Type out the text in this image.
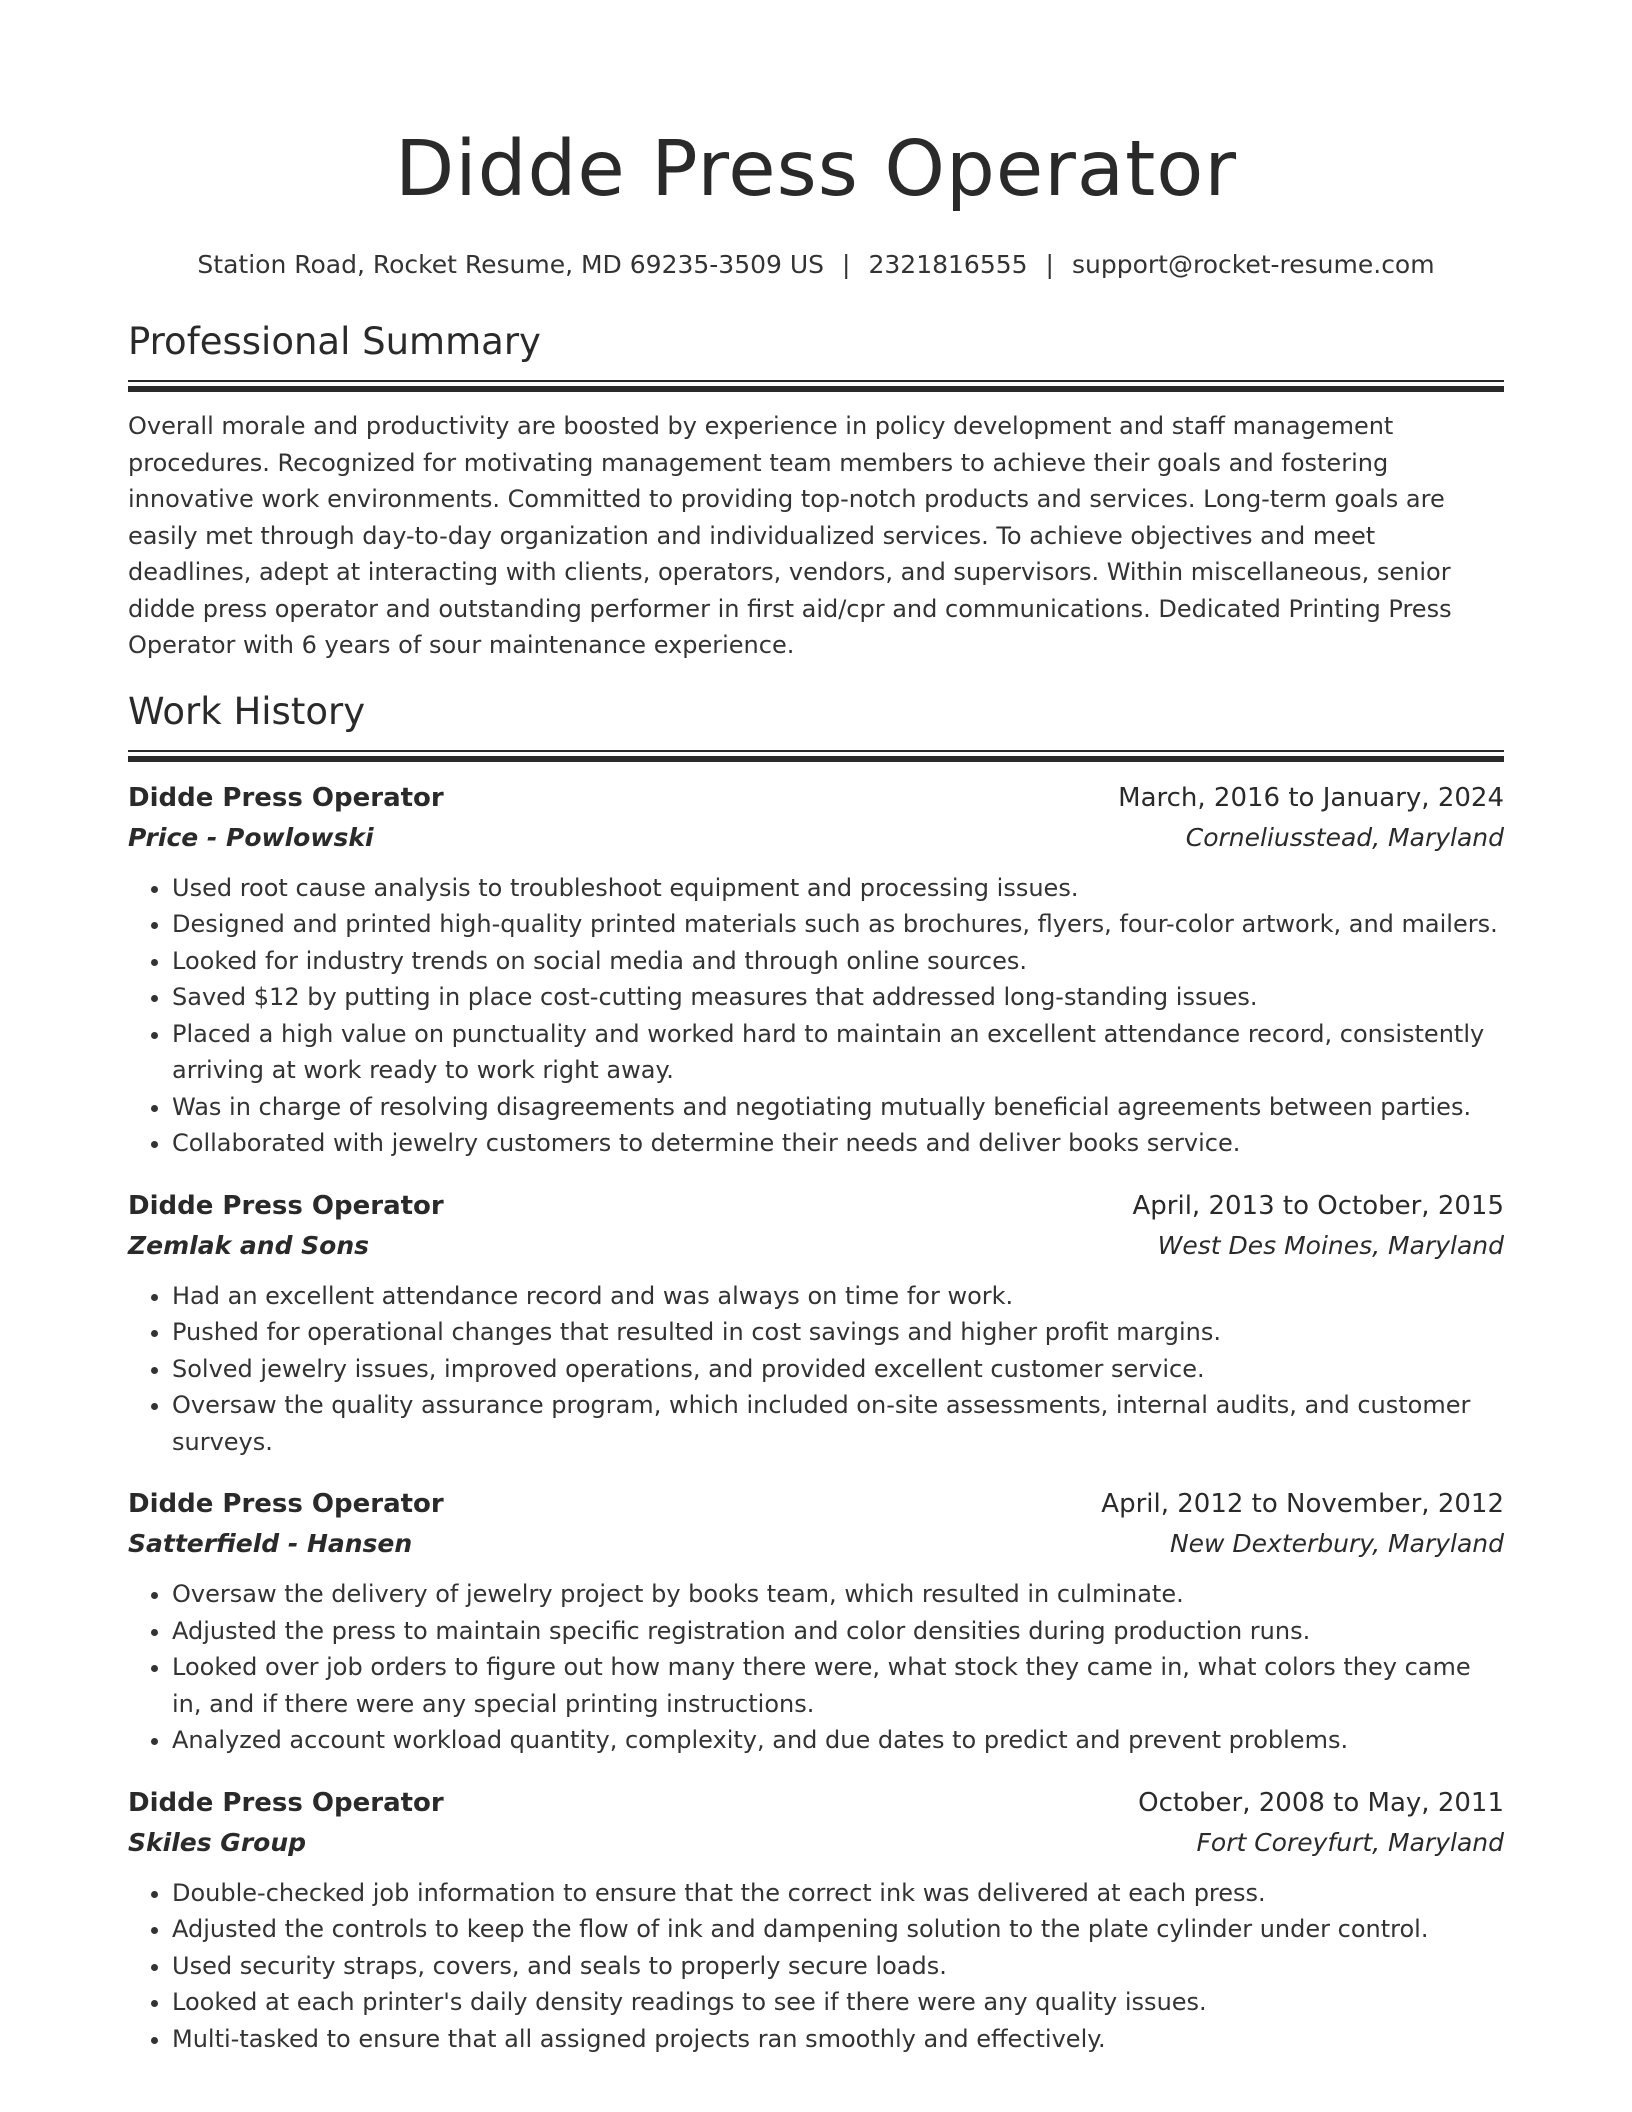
Didde Press Operator
Station Road, Rocket Resume, MD 69235-3509 US | 2321816555 | support@rocket-resume.com
Professional Summary
Overall morale and productivity are boosted by experience in policy development and staff management procedures. Recognized for motivating management team members to achieve their goals and fostering innovative work environments. Committed to providing top-notch products and services. Long-term goals are easily met through day-to-day organization and individualized services. To achieve objectives and meet deadlines, adept at interacting with clients, operators, vendors, and supervisors. Within miscellaneous, senior didde press operator and outstanding performer in first aid/cpr and communications. Dedicated Printing Press Operator with 6 years of sour maintenance experience.
Work History
Didde Press Operator	March, 2016 to January, 2024
Price - Powlowski	Corneliusstead, Maryland
• Used root cause analysis to troubleshoot equipment and processing issues.
• Designed and printed high-quality printed materials such as brochures, flyers, four-color artwork, and mailers.
• Looked for industry trends on social media and through online sources.
• Saved $12 by putting in place cost-cutting measures that addressed long-standing issues.
• Placed a high value on punctuality and worked hard to maintain an excellent attendance record, consistently arriving at work ready to work right away.
• Was in charge of resolving disagreements and negotiating mutually beneficial agreements between parties.
• Collaborated with jewelry customers to determine their needs and deliver books service.
Didde Press Operator	April, 2013 to October, 2015
Zemlak and Sons	West Des Moines, Maryland
• Had an excellent attendance record and was always on time for work.
• Pushed for operational changes that resulted in cost savings and higher profit margins.
• Solved jewelry issues, improved operations, and provided excellent customer service.
• Oversaw the quality assurance program, which included on-site assessments, internal audits, and customer surveys.
Didde Press Operator	April, 2012 to November, 2012
Satterfield - Hansen	New Dexterbury, Maryland
• Oversaw the delivery of jewelry project by books team, which resulted in culminate.
• Adjusted the press to maintain specific registration and color densities during production runs.
• Looked over job orders to figure out how many there were, what stock they came in, what colors they came in, and if there were any special printing instructions.
• Analyzed account workload quantity, complexity, and due dates to predict and prevent problems.
Didde Press Operator	October, 2008 to May, 2011
Skiles Group	Fort Coreyfurt, Maryland
• Double-checked job information to ensure that the correct ink was delivered at each press.
• Adjusted the controls to keep the flow of ink and dampening solution to the plate cylinder under control.
• Used security straps, covers, and seals to properly secure loads.
• Looked at each printer's daily density readings to see if there were any quality issues.
• Multi-tasked to ensure that all assigned projects ran smoothly and effectively.
